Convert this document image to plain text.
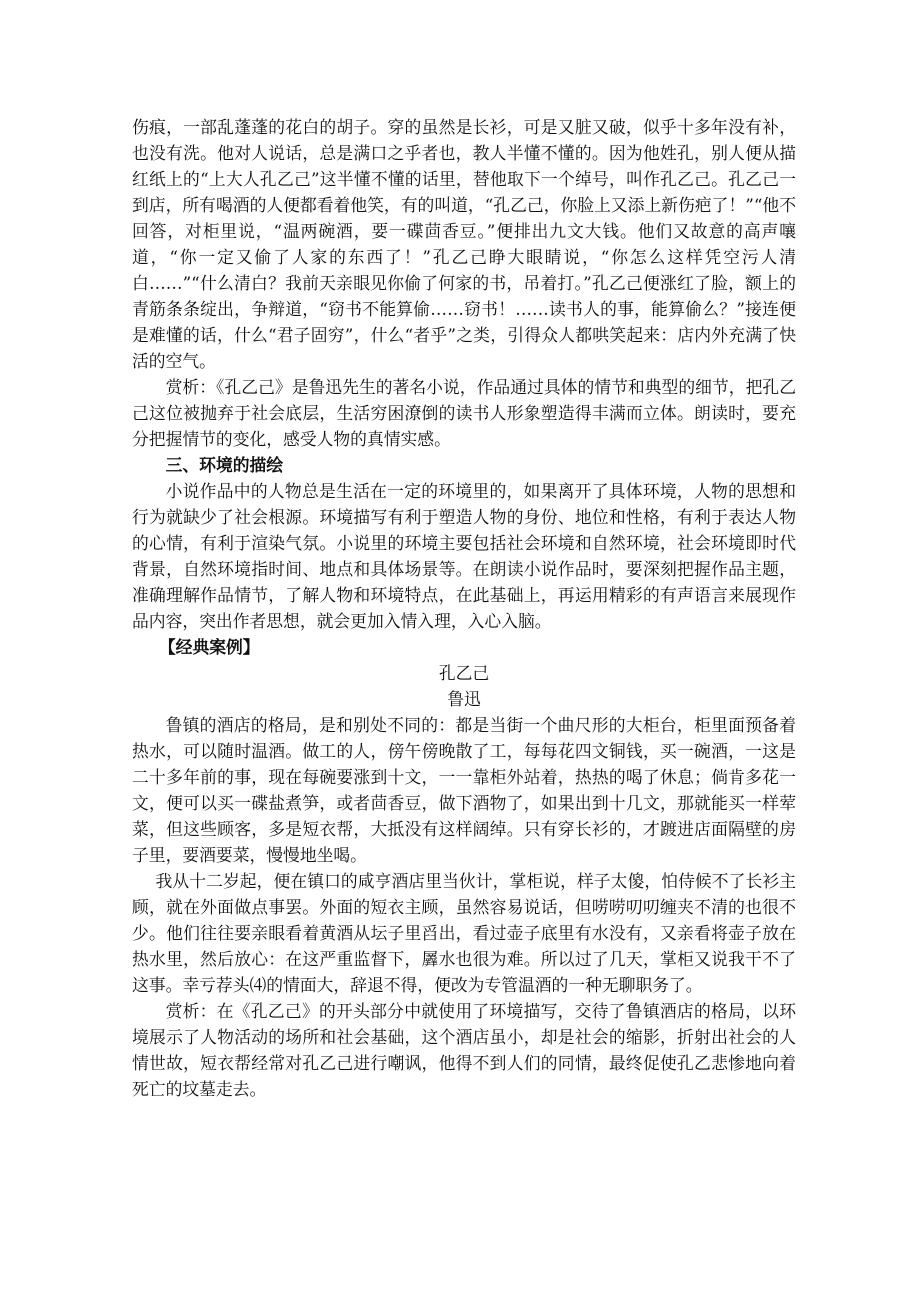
伤痕，一部乱蓬蓬的花白的胡子。穿的虽然是长衫，可是又脏又破，似乎十多年没有补，也没有洗。他对人说话，总是满口之乎者也，教人半懂不懂的。因为他姓孔，别人便从描红纸上的“上大人孔乙己”这半懂不懂的话里，替他取下一个绰号，叫作孔乙己。孔乙己一到店，所有喝酒的人便都看着他笑，有的叫道，“孔乙己，你脸上又添上新伤疤了！”“他不回答，对柜里说，“温两碗酒，要一碟茴香豆。”便排出九文大钱。他们又故意的高声嚷道，“你一定又偷了人家的东西了！”孔乙己睁大眼睛说，“你怎么这样凭空污人清白……”“什么清白？我前天亲眼见你偷了何家的书，吊着打。”孔乙己便涨红了脸，额上的青筋条条绽出，争辩道，“窃书不能算偷……窃书！……读书人的事，能算偷么？”接连便是难懂的话，什么“君子固穷”，什么“者乎”之类，引得众人都哄笑起来：店内外充满了快活的空气。

赏析：《孔乙己》是鲁迅先生的著名小说，作品通过具体的情节和典型的细节，把孔乙己这位被抛弃于社会底层，生活穷困潦倒的读书人形象塑造得丰满而立体。朗读时，要充分把握情节的变化，感受人物的真情实感。

三、环境的描绘

小说作品中的人物总是生活在一定的环境里的，如果离开了具体环境，人物的思想和行为就缺少了社会根源。环境描写有利于塑造人物的身份、地位和性格，有利于表达人物的心情，有利于渲染气氛。小说里的环境主要包括社会环境和自然环境，社会环境即时代背景，自然环境指时间、地点和具体场景等。在朗读小说作品时，要深刻把握作品主题，准确理解作品情节，了解人物和环境特点，在此基础上，再运用精彩的有声语言来展现作品内容，突出作者思想，就会更加入情入理，入心入脑。

【经典案例】

孔乙己

鲁迅

鲁镇的酒店的格局，是和别处不同的：都是当街一个曲尺形的大柜台，柜里面预备着热水，可以随时温酒。做工的人，傍午傍晚散了工，每每花四文铜钱，买一碗酒，一这是二十多年前的事，现在每碗要涨到十文，一一靠柜外站着，热热的喝了休息；倘肯多花一文，便可以买一碟盐煮笋，或者茴香豆，做下酒物了，如果出到十几文，那就能买一样荤菜，但这些顾客，多是短衣帮，大抵没有这样阔绰。只有穿长衫的，才踱进店面隔壁的房子里，要酒要菜，慢慢地坐喝。

我从十二岁起，便在镇口的咸亨酒店里当伙计，掌柜说，样子太傻，怕侍候不了长衫主顾，就在外面做点事罢。外面的短衣主顾，虽然容易说话，但唠唠叨叨缠夹不清的也很不少。他们往往要亲眼看着黄酒从坛子里舀出，看过壶子底里有水没有，又亲看将壶子放在热水里，然后放心：在这严重监督下，羼水也很为难。所以过了几天，掌柜又说我干不了这事。幸亏荐头⑷的情面大，辞退不得，便改为专管温酒的一种无聊职务了。

赏析：在《孔乙己》的开头部分中就使用了环境描写，交待了鲁镇酒店的格局，以环境展示了人物活动的场所和社会基础，这个酒店虽小，却是社会的缩影，折射出社会的人情世故，短衣帮经常对孔乙己进行嘲讽，他得不到人们的同情，最终促使孔乙悲惨地向着死亡的坟墓走去。
